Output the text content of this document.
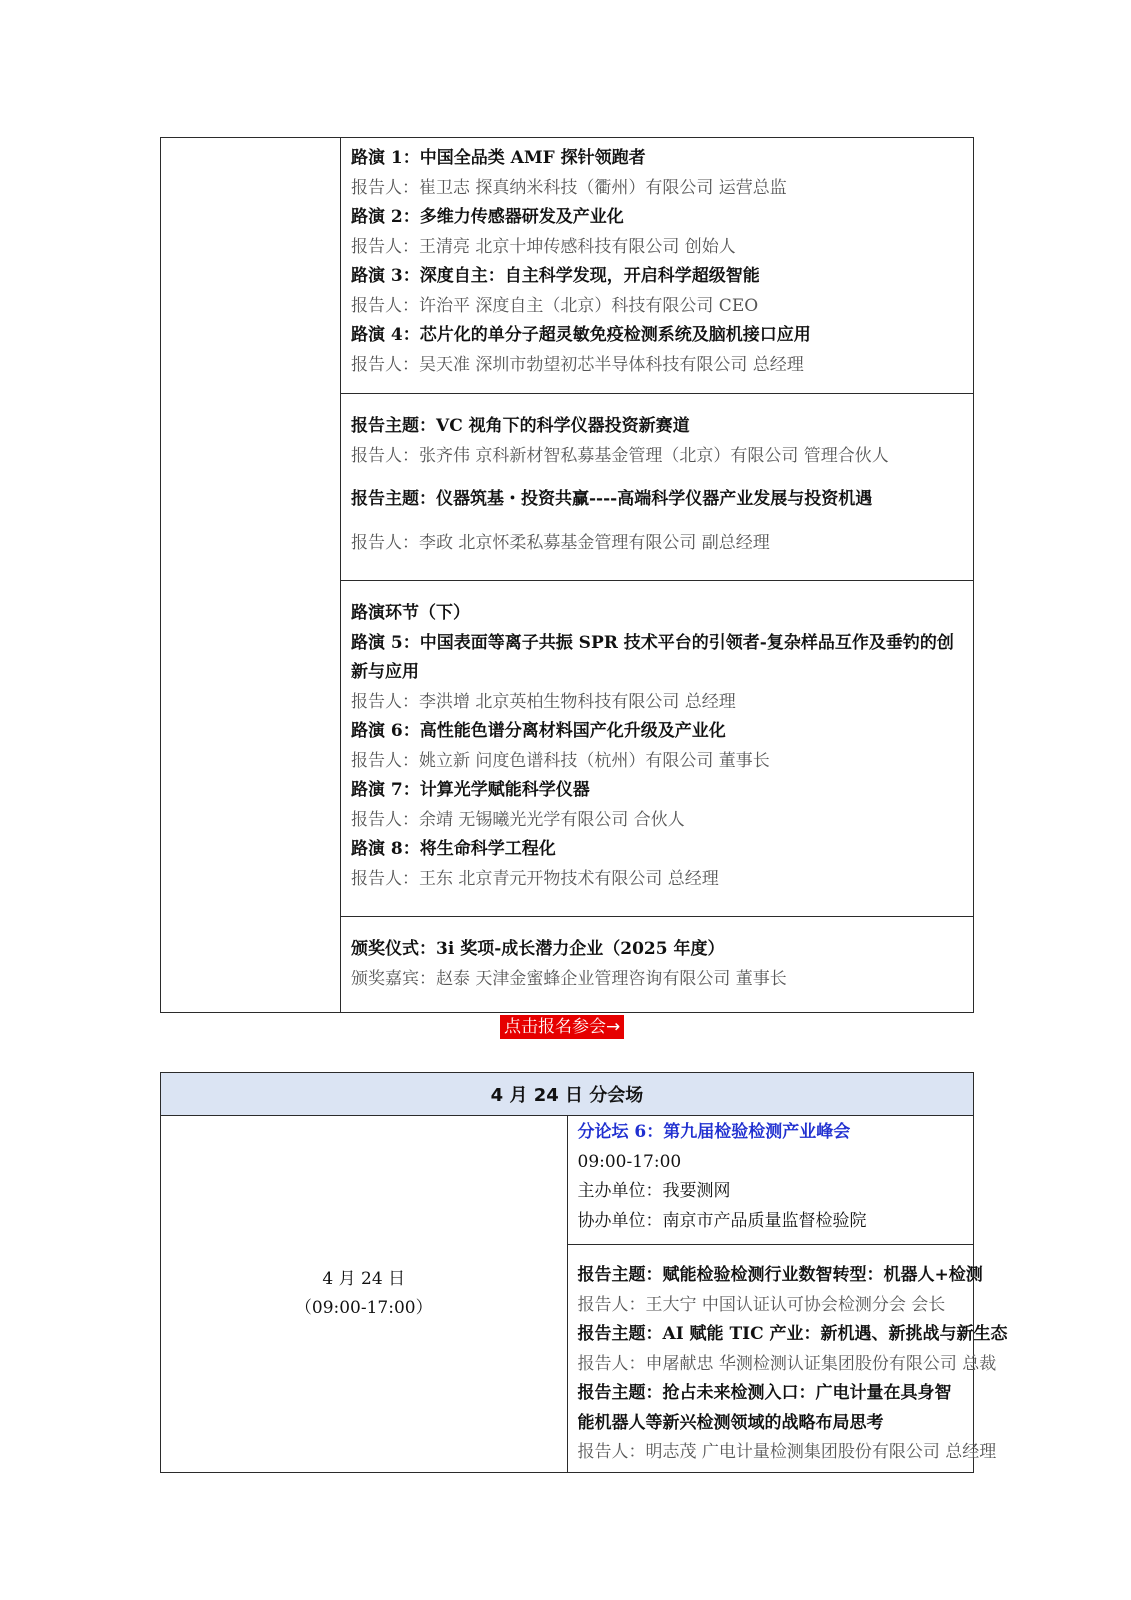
路演 1：中国全品类 AMF 探针领跑者
报告人：崔卫志 探真纳米科技（衢州）有限公司 运营总监
路演 2：多维力传感器研发及产业化
报告人：王清亮 北京十坤传感科技有限公司 创始人
路演 3：深度自主：自主科学发现，开启科学超级智能
报告人：许治平 深度自主（北京）科技有限公司 CEO
路演 4：芯片化的单分子超灵敏免疫检测系统及脑机接口应用
报告人：吴天准 深圳市勃望初芯半导体科技有限公司 总经理

报告主题：VC 视角下的科学仪器投资新赛道
报告人：张齐伟 京科新材智私募基金管理（北京）有限公司 管理合伙人
报告主题：仪器筑基・投资共赢----高端科学仪器产业发展与投资机遇
报告人：李政 北京怀柔私募基金管理有限公司 副总经理

路演环节（下）
路演 5：中国表面等离子共振 SPR 技术平台的引领者-复杂样品互作及垂钓的创新与应用
报告人：李洪增 北京英柏生物科技有限公司 总经理
路演 6：高性能色谱分离材料国产化升级及产业化
报告人：姚立新 问度色谱科技（杭州）有限公司 董事长
路演 7：计算光学赋能科学仪器
报告人：余靖 无锡曦光光学有限公司 合伙人
路演 8：将生命科学工程化
报告人：王东 北京青元开物技术有限公司 总经理

颁奖仪式：3i 奖项-成长潜力企业（2025 年度）
颁奖嘉宾：赵泰 天津金蜜蜂企业管理咨询有限公司 董事长
点击报名参会→
4 月 24 日 分会场

4 月 24 日
（09:00-17:00）

分论坛 6：第九届检验检测产业峰会
09:00-17:00
主办单位：我要测网
协办单位：南京市产品质量监督检验院

报告主题：赋能检验检测行业数智转型：机器人+检测
报告人：王大宁 中国认证认可协会检测分会 会长
报告主题：AI 赋能 TIC 产业：新机遇、新挑战与新生态
报告人：申屠献忠 华测检测认证集团股份有限公司 总裁
报告主题：抢占未来检测入口：广电计量在具身智能机器人等新兴检测领域的战略布局思考
报告人：明志茂 广电计量检测集团股份有限公司 总经理
